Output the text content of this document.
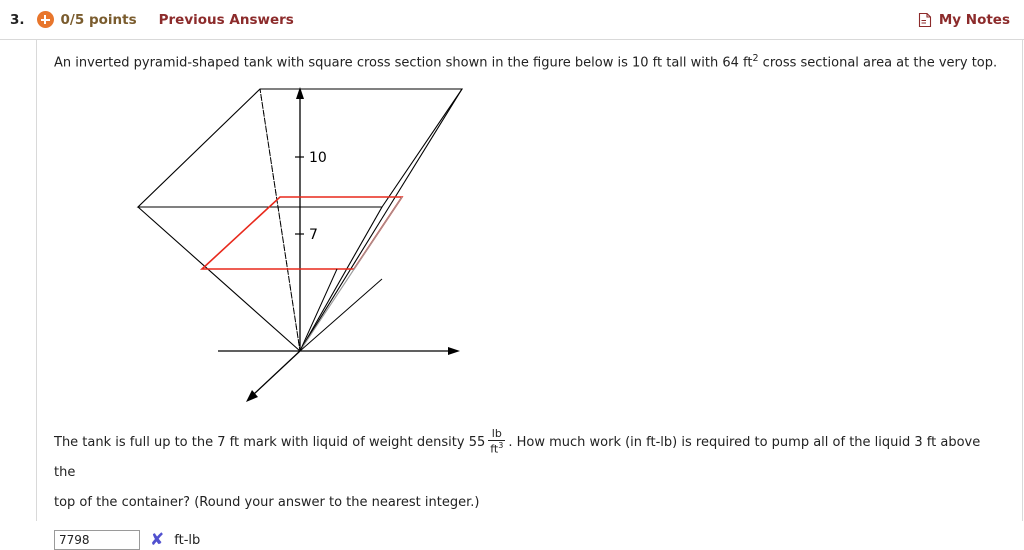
3.	0/5 points Previous Answers	My Notes
An inverted pyramid-shaped tank with square cross section shown in the figure below is 10 ft tall with 64 $ft^2$ cross sectional area at the very top.
10
7
The tank is full up to the 7 ft mark with liquid of weight density $55 \frac{lb}{ft^3}$ . How much work (in ft-lb) is required to pump all of the liquid 3 ft above the
top of the container? (Round your answer to the nearest integer.)
7798
✘ ft-lb
